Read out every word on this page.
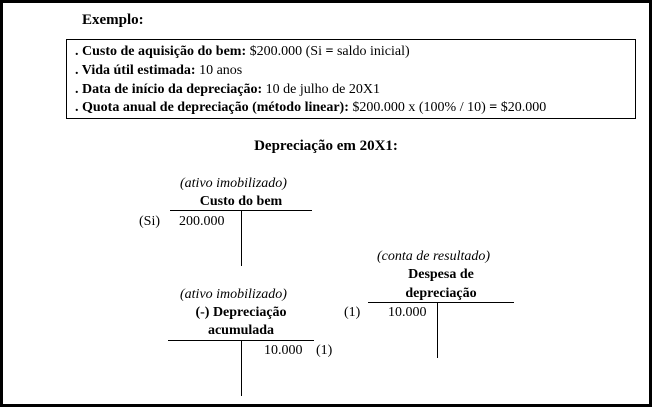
Exemplo:
. Custo de aquisição do bem: $200.000 (Si = saldo inicial)
. Vida útil estimada: 10 anos
. Data de início da depreciação: 10 de julho de 20X1
. Quota anual de depreciação (método linear): $200.000 x (100% / 10) = $20.000
Depreciação em 20X1:
(ativo imobilizado)
Custo do bem
(Si) 200.000
(conta de resultado)
Despesa de
depreciação
(1) 10.000
(ativo imobilizado)
(-) Depreciação
acumulada
10.000 (1)
